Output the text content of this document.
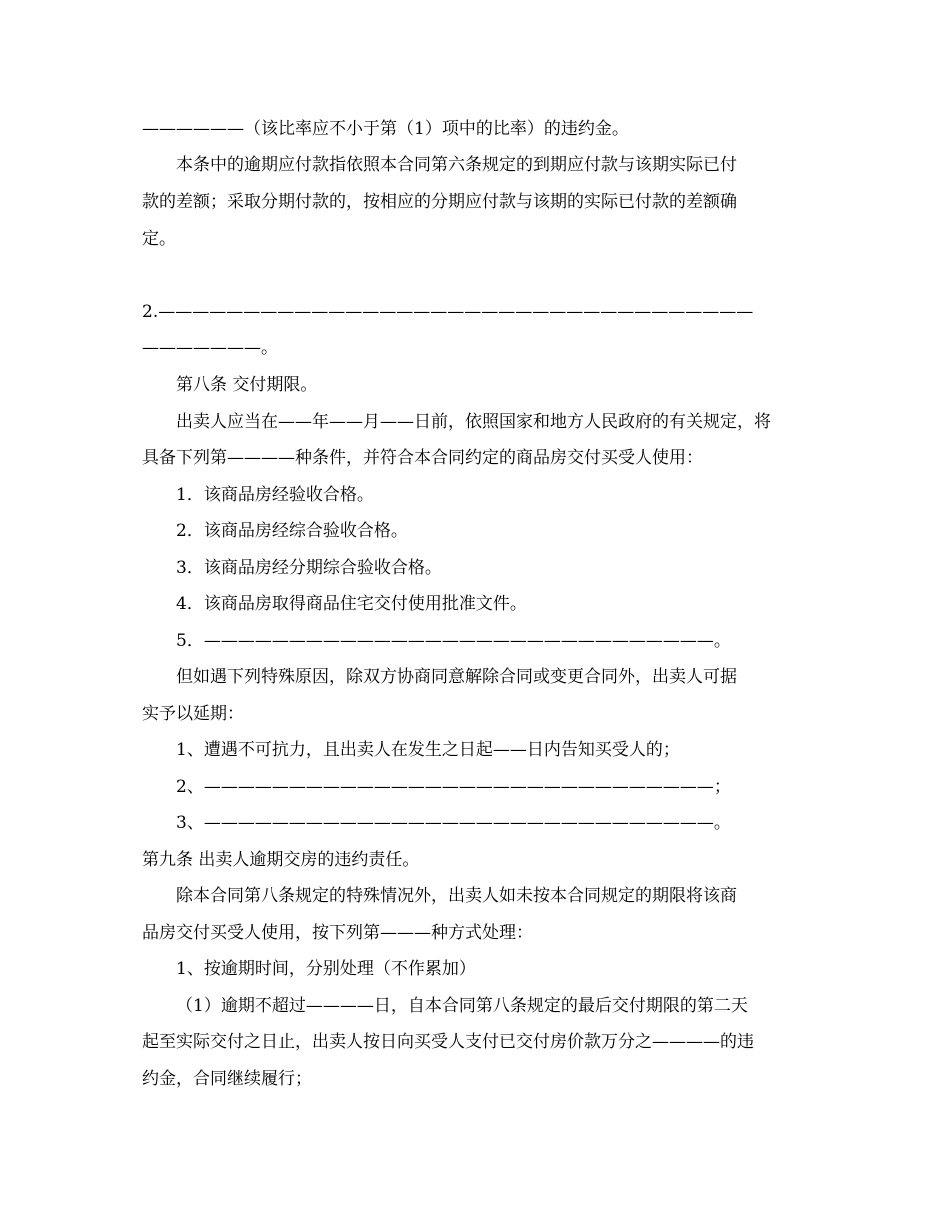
——————（该比率应不小于第（1）项中的比率）的违约金。
本条中的逾期应付款指依照本合同第六条规定的到期应付款与该期实际已付
款的差额；采取分期付款的，按相应的分期应付款与该期的实际已付款的差额确
定。
2.———————————————————————————————————
———————。
第八条 交付期限。
出卖人应当在——年——月——日前，依照国家和地方人民政府的有关规定，将
具备下列第————种条件，并符合本合同约定的商品房交付买受人使用：
1．该商品房经验收合格。
2．该商品房经综合验收合格。
3．该商品房经分期综合验收合格。
4．该商品房取得商品住宅交付使用批准文件。
5．——————————————————————————————。
但如遇下列特殊原因，除双方协商同意解除合同或变更合同外，出卖人可据
实予以延期：
1、遭遇不可抗力，且出卖人在发生之日起——日内告知买受人的；
2、——————————————————————————————；
3、——————————————————————————————。
第九条 出卖人逾期交房的违约责任。
除本合同第八条规定的特殊情况外，出卖人如未按本合同规定的期限将该商
品房交付买受人使用，按下列第———种方式处理：
1、按逾期时间，分别处理（不作累加）
（1）逾期不超过————日，自本合同第八条规定的最后交付期限的第二天
起至实际交付之日止，出卖人按日向买受人支付已交付房价款万分之————的违
约金，合同继续履行；
